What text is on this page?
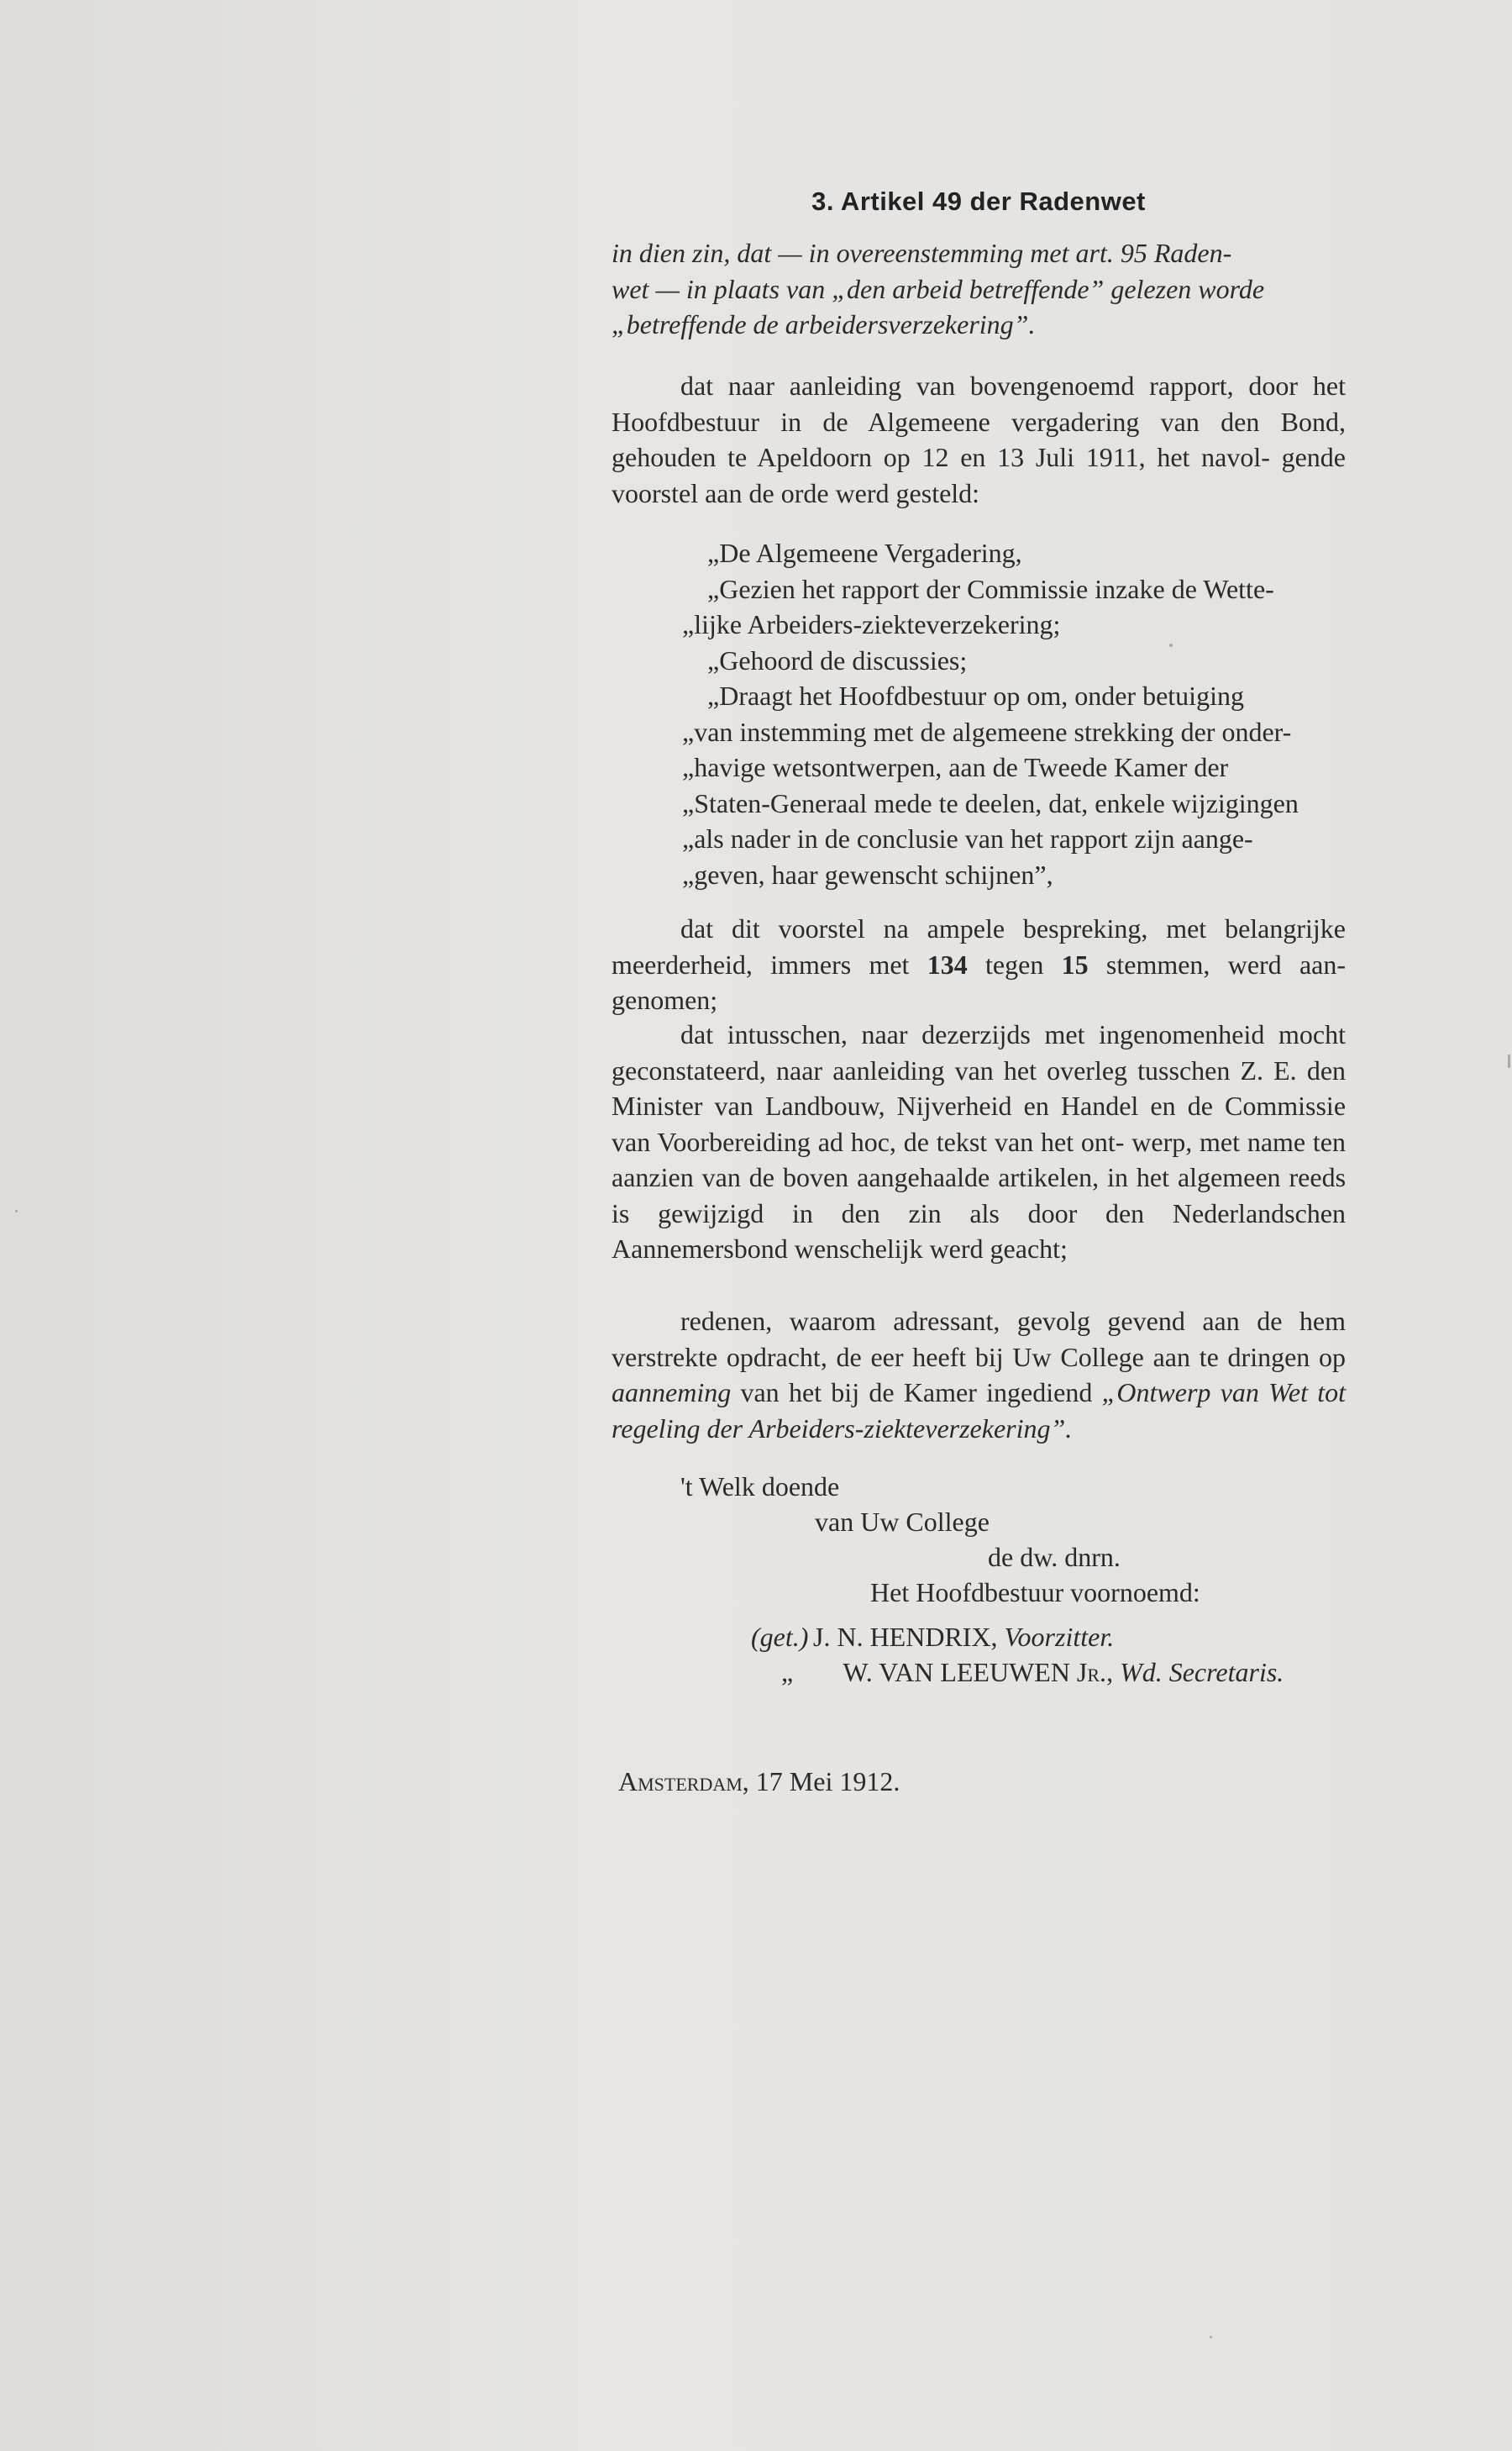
3. Artikel 49 der Radenwet
in dien zin, dat — in overeenstemming met art. 95 Raden-
wet — in plaats van „den arbeid betreffende” gelezen worde
„betreffende de arbeidersverzekering”.
dat naar aanleiding van bovengenoemd rapport, door het Hoofdbestuur in de Algemeene vergadering van den Bond, gehouden te Apeldoorn op 12 en 13 Juli 1911, het navol- gende voorstel aan de orde werd gesteld:
„De Algemeene Vergadering,
„Gezien het rapport der Commissie inzake de Wette-
„lijke Arbeiders-ziekteverzekering;
„Gehoord de discussies;
„Draagt het Hoofdbestuur op om, onder betuiging
„van instemming met de algemeene strekking der onder-
„havige wetsontwerpen, aan de Tweede Kamer der
„Staten-Generaal mede te deelen, dat, enkele wijzigingen
„als nader in de conclusie van het rapport zijn aange-
„geven, haar gewenscht schijnen”,
dat dit voorstel na ampele bespreking, met belangrijke meerderheid, immers met 134 tegen 15 stemmen, werd aan- genomen;
dat intusschen, naar dezerzijds met ingenomenheid mocht geconstateerd, naar aanleiding van het overleg tusschen Z. E. den Minister van Landbouw, Nijverheid en Handel en de Commissie van Voorbereiding ad hoc, de tekst van het ont- werp, met name ten aanzien van de boven aangehaalde artikelen, in het algemeen reeds is gewijzigd in den zin als door den Nederlandschen Aannemersbond wenschelijk werd geacht;
redenen, waarom adressant, gevolg gevend aan de hem verstrekte opdracht, de eer heeft bij Uw College aan te dringen op aanneming van het bij de Kamer ingediend „Ontwerp van Wet tot regeling der Arbeiders-ziekteverzekering”.
't Welk doende
van Uw College
de dw. dnrn.
Het Hoofdbestuur voornoemd:
(get.) J. N. HENDRIX, Voorzitter.
„ W. VAN LEEUWEN Jr., Wd. Secretaris.
Amsterdam, 17 Mei 1912.
